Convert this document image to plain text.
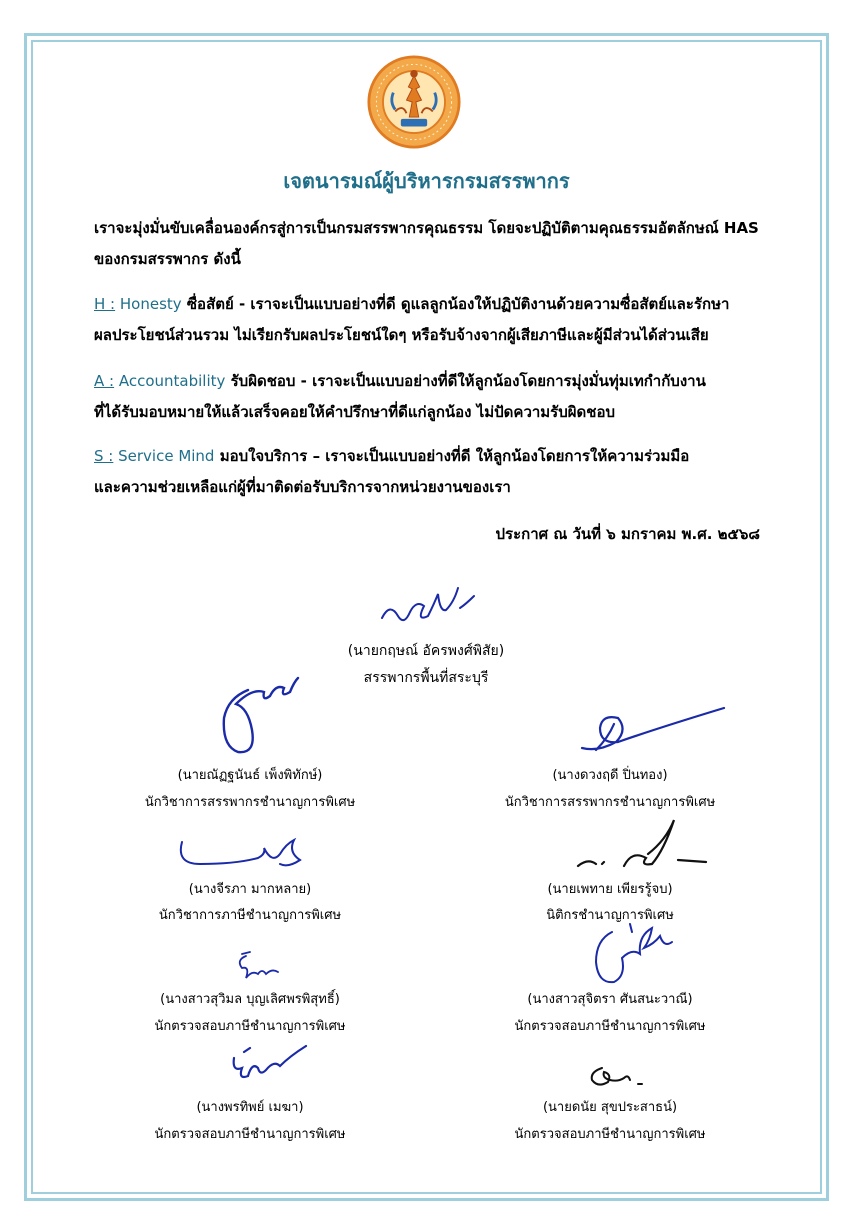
เจตนารมณ์ผู้บริหารกรมสรรพากร
เราจะมุ่งมั่นขับเคลื่อนองค์กรสู่การเป็นกรมสรรพากรคุณธรรม โดยจะปฏิบัติตามคุณธรรมอัตลักษณ์ HAS
ของกรมสรรพากร ดังนี้
H : Honesty ซื่อสัตย์ - เราจะเป็นแบบอย่างที่ดี ดูแลลูกน้องให้ปฏิบัติงานด้วยความซื่อสัตย์และรักษา
ผลประโยชน์ส่วนรวม ไม่เรียกรับผลประโยชน์ใดๆ หรือรับจ้างจากผู้เสียภาษีและผู้มีส่วนได้ส่วนเสีย
A : Accountability รับผิดชอบ - เราจะเป็นแบบอย่างที่ดีให้ลูกน้องโดยการมุ่งมั่นทุ่มเทกำกับงาน
ที่ได้รับมอบหมายให้แล้วเสร็จคอยให้คำปรึกษาที่ดีแก่ลูกน้อง ไม่ปัดความรับผิดชอบ
S : Service Mind มอบใจบริการ – เราจะเป็นแบบอย่างที่ดี ให้ลูกน้องโดยการให้ความร่วมมือ
และความช่วยเหลือแก่ผู้ที่มาติดต่อรับบริการจากหน่วยงานของเรา
ประกาศ ณ วันที่ ๖ มกราคม พ.ศ. ๒๕๖๘
(นายกฤษณ์ อัครพงศ์พิสัย)
สรรพากรพื้นที่สระบุรี
(นายณัฏฐนันธ์ เพ็งพิทักษ์)
นักวิชาการสรรพากรชำนาญการพิเศษ
(นางดวงฤดี ปิ่นทอง)
นักวิชาการสรรพากรชำนาญการพิเศษ
(นางจีรภา มากหลาย)
นักวิชาการภาษีชำนาญการพิเศษ
(นายเพทาย เพียรรู้จบ)
นิติกรชำนาญการพิเศษ
(นางสาวสุวิมล บุญเลิศพรพิสุทธิ์)
นักตรวจสอบภาษีชำนาญการพิเศษ
(นางสาวสุจิตรา ศันสนะวาณี)
นักตรวจสอบภาษีชำนาญการพิเศษ
(นางพรทิพย์ เมฆา)
นักตรวจสอบภาษีชำนาญการพิเศษ
(นายดนัย สุขประสาธน์)
นักตรวจสอบภาษีชำนาญการพิเศษ
